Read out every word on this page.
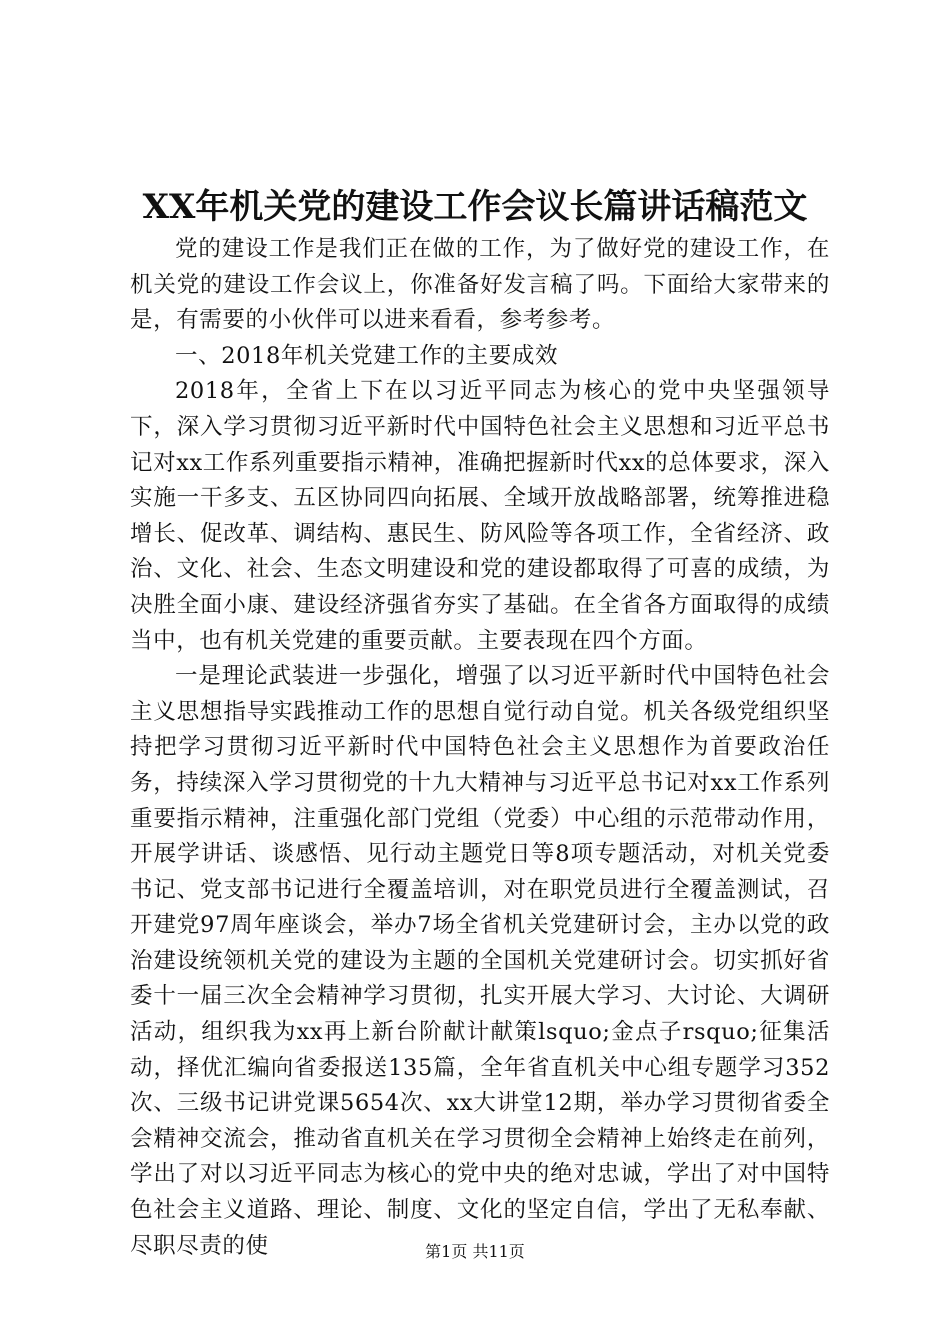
XX年机关党的建设工作会议长篇讲话稿范文

党的建设工作是我们正在做的工作，为了做好党的建设工作，在机关党的建设工作会议上，你准备好发言稿了吗。下面给大家带来的是，有需要的小伙伴可以进来看看，参考参考。

一、2018年机关党建工作的主要成效

2018年，全省上下在以习近平同志为核心的党中央坚强领导下，深入学习贯彻习近平新时代中国特色社会主义思想和习近平总书记对xx工作系列重要指示精神，准确把握新时代xx的总体要求，深入实施一干多支、五区协同四向拓展、全域开放战略部署，统筹推进稳增长、促改革、调结构、惠民生、防风险等各项工作，全省经济、政治、文化、社会、生态文明建设和党的建设都取得了可喜的成绩，为决胜全面小康、建设经济强省夯实了基础。在全省各方面取得的成绩当中，也有机关党建的重要贡献。主要表现在四个方面。

一是理论武装进一步强化，增强了以习近平新时代中国特色社会主义思想指导实践推动工作的思想自觉行动自觉。机关各级党组织坚持把学习贯彻习近平新时代中国特色社会主义思想作为首要政治任务，持续深入学习贯彻党的十九大精神与习近平总书记对xx工作系列重要指示精神，注重强化部门党组（党委）中心组的示范带动作用，开展学讲话、谈感悟、见行动主题党日等8项专题活动，对机关党委书记、党支部书记进行全覆盖培训，对在职党员进行全覆盖测试，召开建党97周年座谈会，举办7场全省机关党建研讨会，主办以党的政治建设统领机关党的建设为主题的全国机关党建研讨会。切实抓好省委十一届三次全会精神学习贯彻，扎实开展大学习、大讨论、大调研活动，组织我为xx再上新台阶献计献策lsquo;金点子rsquo;征集活动，择优汇编向省委报送135篇，全年省直机关中心组专题学习352次、三级书记讲党课5654次、xx大讲堂12期，举办学习贯彻省委全会精神交流会，推动省直机关在学习贯彻全会精神上始终走在前列，学出了对以习近平同志为核心的党中央的绝对忠诚，学出了对中国特色社会主义道路、理论、制度、文化的坚定自信，学出了无私奉献、尽职尽责的使	第1页 共11页
